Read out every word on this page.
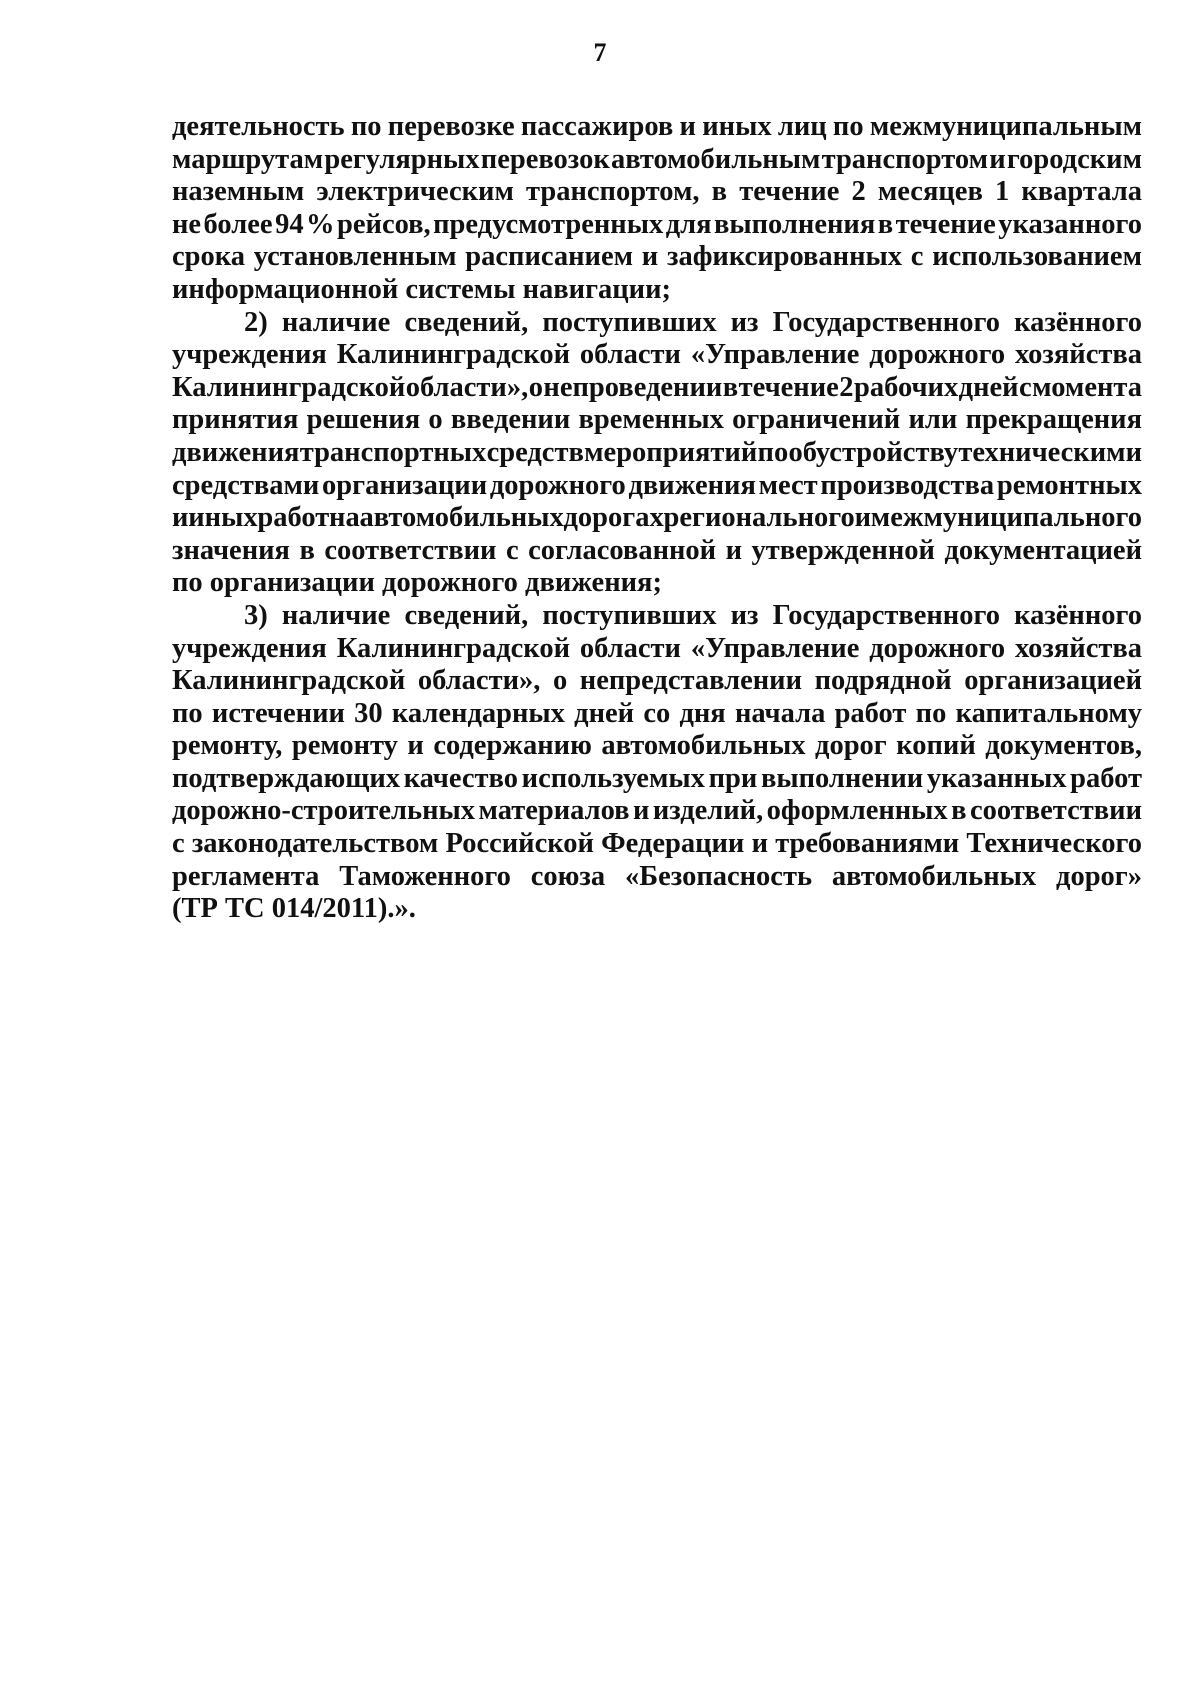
7
деятельность по перевозке пассажиров и иных лиц по межмуниципальным
маршрутам регулярных перевозок автомобильным транспортом и городским
наземным электрическим транспортом, в течение 2 месяцев 1 квартала
не более 94 % рейсов, предусмотренных для выполнения в течение указанного
срока установленным расписанием и зафиксированных с использованием
информационной системы навигации;
2) наличие сведений, поступивших из Государственного казённого
учреждения Калининградской области «Управление дорожного хозяйства
Калининградской области», о непроведении в течение 2 рабочих дней с момента
принятия решения о введении временных ограничений или прекращения
движения транспортных средств мероприятий по обустройству техническими
средствами организации дорожного движения мест производства ремонтных
и иных работ на автомобильных дорогах регионального и межмуниципального
значения в соответствии с согласованной и утвержденной документацией
по организации дорожного движения;
3) наличие сведений, поступивших из Государственного казённого
учреждения Калининградской области «Управление дорожного хозяйства
Калининградской области», о непредставлении подрядной организацией
по истечении 30 календарных дней со дня начала работ по капитальному
ремонту, ремонту и содержанию автомобильных дорог копий документов,
подтверждающих качество используемых при выполнении указанных работ
дорожно-строительных материалов и изделий, оформленных в соответствии
с законодательством Российской Федерации и требованиями Технического
регламента Таможенного союза «Безопасность автомобильных дорог»
(ТР ТС 014/2011).».
